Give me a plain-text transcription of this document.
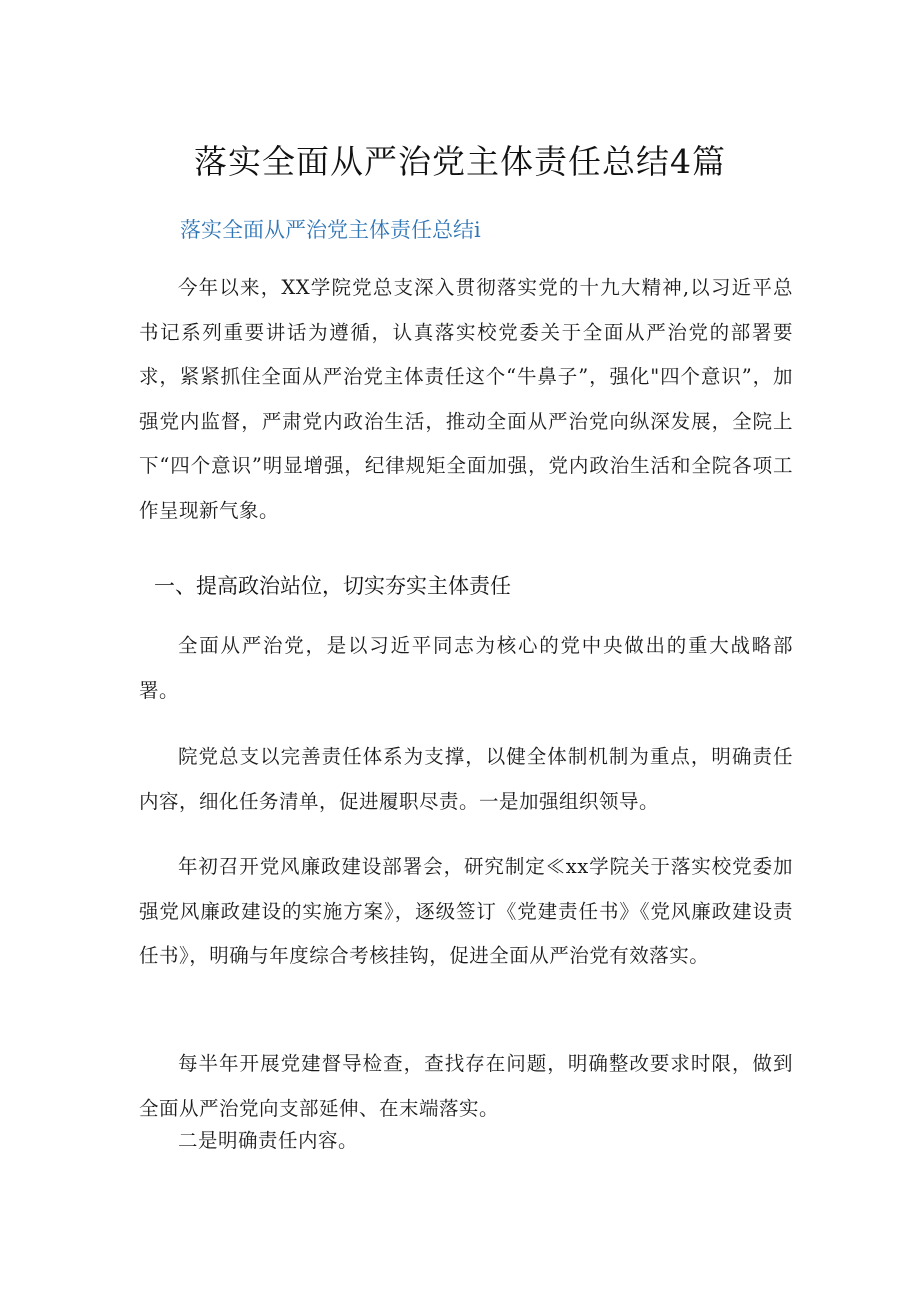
落实全面从严治党主体责任总结4篇
落实全面从严治党主体责任总结i

今年以来，XX学院党总支深入贯彻落实党的十九大精神,以习近平总书记系列重要讲话为遵循，认真落实校党委关于全面从严治党的部署要求，紧紧抓住全面从严治党主体责任这个“牛鼻子”，强化"四个意识”，加强党内监督，严肃党内政治生活，推动全面从严治党向纵深发展，全院上下“四个意识”明显增强，纪律规矩全面加强，党内政治生活和全院各项工作呈现新气象。

一、提高政治站位，切实夯实主体责任

全面从严治党，是以习近平同志为核心的党中央做出的重大战略部署。

院党总支以完善责任体系为支撑，以健全体制机制为重点，明确责任内容，细化任务清单，促进履职尽责。一是加强组织领导。

年初召开党风廉政建设部署会，研究制定≪xx学院关于落实校党委加强党风廉政建设的实施方案》，逐级签订《党建责任书》《党风廉政建设责任书》，明确与年度综合考核挂钩，促进全面从严治党有效落实。

每半年开展党建督导检查，查找存在问题，明确整改要求时限，做到全面从严治党向支部延伸、在末端落实。

二是明确责任内容。
